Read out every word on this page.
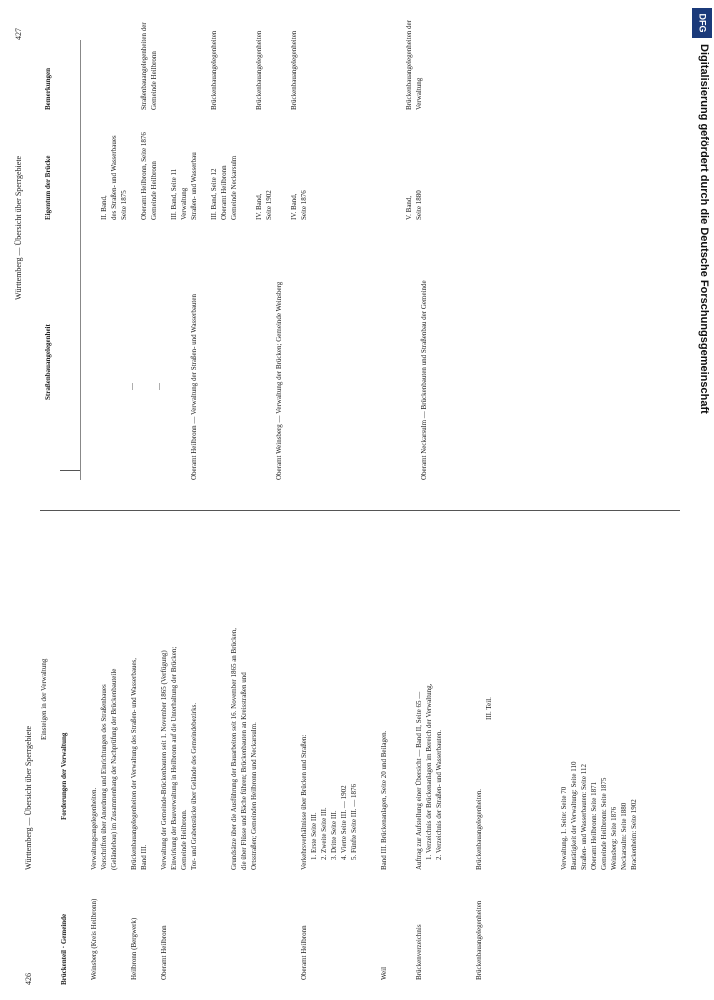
426
Württemberg — Übersicht über Sperrgebiete
Einsteigen in der Verwaltung
Brückenteil · Gemeinde
Forderungen der Verwaltung
Weinsberg (Kreis Heilbronn)
Verwaltungsangelegenheiten. Vorschriften über Anordnung und Einrichtungen des Straßenbaues (Geländebau) im Zusammenhang der Nachprüfung der Brückenbauteile
Heilbronn (Bergwerk)
Brückenbauangelegenheiten der Verwaltung des Straßen- und Wasserbaues, Band III.
Oberamt Heilbronn
Verwaltung der Gemeinde-Brückenbauten seit 1. November 1865 (Verfügung) Einwirkung der Bauverwaltung in Heilbronn auf die Unterhaltung der Brücken; Gemeinde Heilbronn. Tor- und Grabenstücke über Gelände des Gemeindebezirks.	Grundsätze über die Ausführung der Bauarbeiten seit 16. November 1865 an Brücken, die über Flüsse und Bäche führen; Brückenbauten an Kreisstraßen und Ortsstraßen; Gemeinden Heilbronn und Neckarsulm.
Oberamt Heilbronn
Verkehrsverhältnisse über Brücken und Straßen: 1. Erste Seite III. 2. Zweite Seite III. 3. Dritte Seite III. 4. Vierte Seite III. — 1902 5. Fünfte Seite III. — 1876
Weil
Band III. Brückenanlagen, Seite 20 und Beilagen.
Brückenverzeichnis
Auftrag zur Aufstellung einer Übersicht — Band II, Seite 65 — 1. Verzeichnis der Brückenanlagen im Bereich der Verwaltung, 2. Verzeichnis der Straßen- und Wasserbauten.
Brückenbauangelegenheiten
Brückenbauangelegenheiten.
III. Teil.
Verwaltung, 1. Seite: Seite 70 Bautätigkeit der Verwaltung: Seite 110 Straßen- und Wasserbauten: Seite 112 Oberamt Heilbronn: Seite 1871 Gemeinde Heilbronn: Seite 1875 Weinsberg: Seite 1876 Neckarsulm: Seite 1880 Brackenheim: Seite 1902
427
Württemberg — Übersicht über Sperrgebiete
Straßenbauangelegenheit
Eigentum der Brücke
Bemerkungen
II. Band, des Straßen- und Wasserbaues Seite 1875 Oberamt Heilbronn, Seite 1876 Gemeinde Heilbronn
Straßenbauangelegenheiten der Gemeinde Heilbronn
—
III. Band, Seite 11 Verwaltung Straßen- und Wasserbau
—
III. Band, Seite 12 Oberamt Heilbronn Gemeinde Neckarsulm
Brückenbauangelegenheiten
Oberamt Heilbronn — Verwaltung der Straßen- und Wasserbauten
IV. Band, Seite 1902
Brückenbauangelegenheiten
Oberamt Weinsberg — Verwaltung der Brücken; Gemeinde Weinsberg
IV. Band, Seite 1876
Brückenbauangelegenheiten
Oberamt Neckarsulm — Brückenbauten und Straßenbau der Gemeinde
V. Band, Seite 1880
Brückenbauangelegenheiten der Verwaltung
DFG
Digitalisierung gefördert durch die Deutsche Forschungsgemeinschaft
